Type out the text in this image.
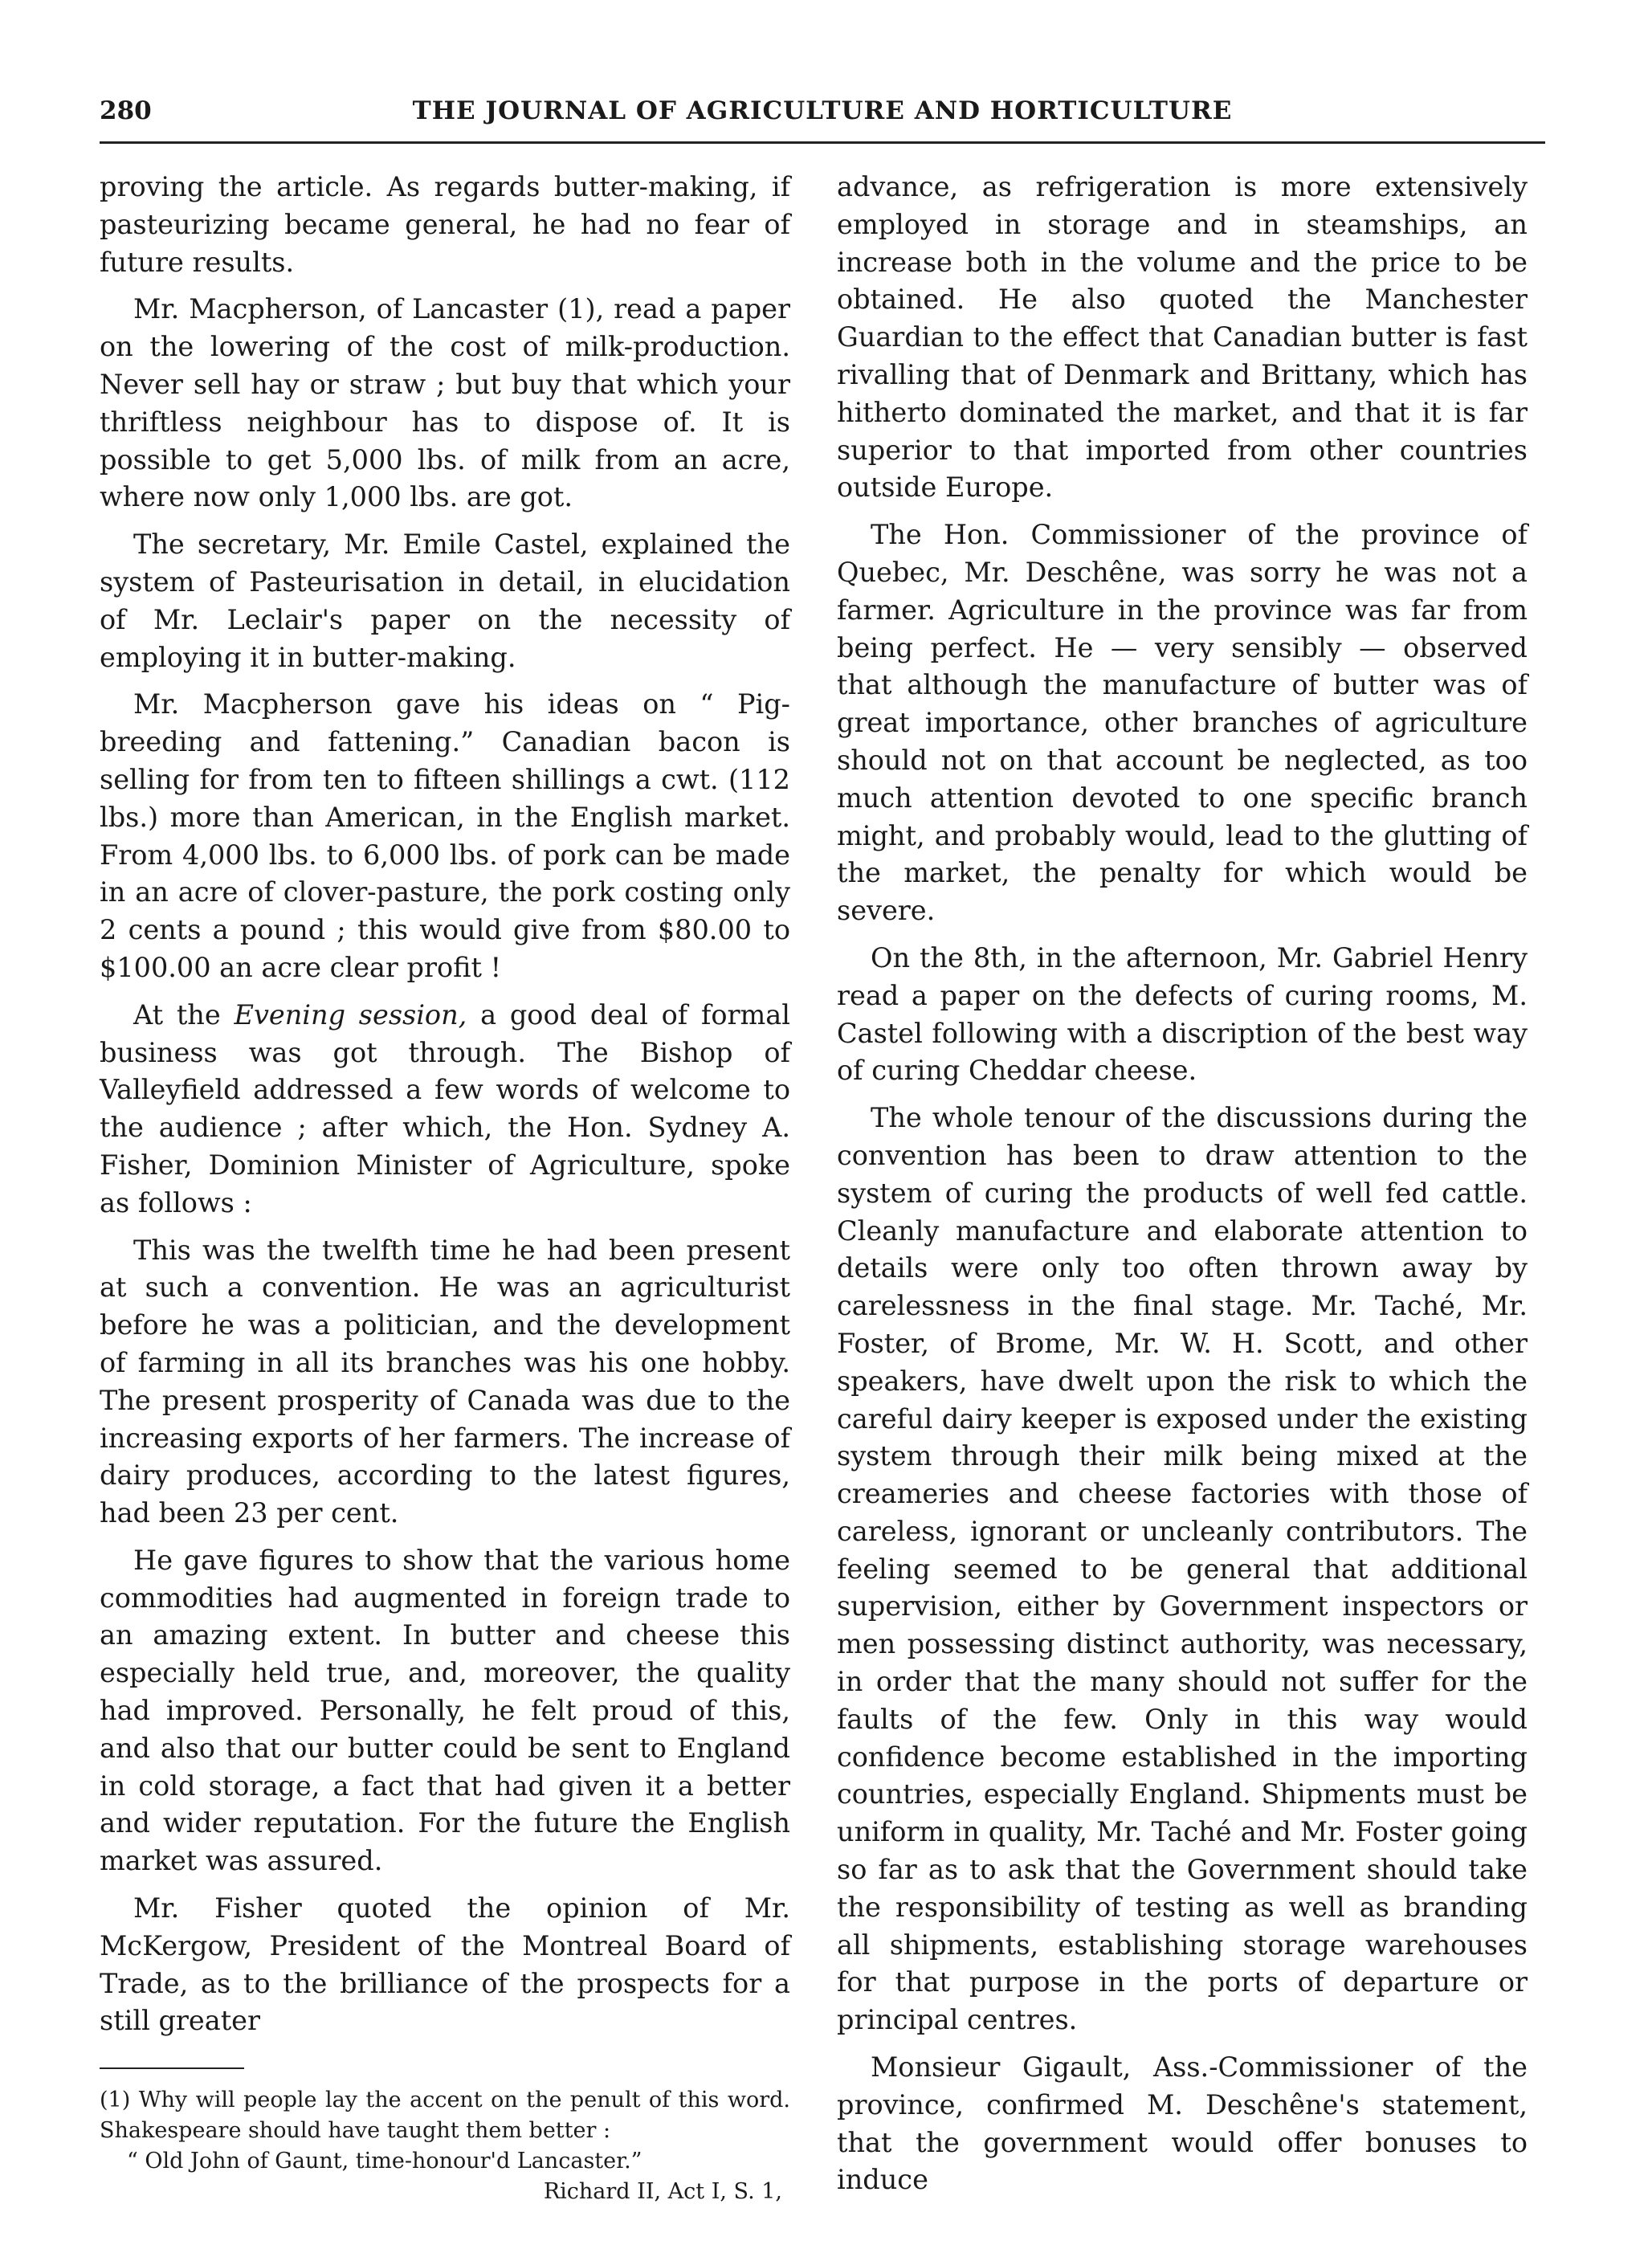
280	THE JOURNAL OF AGRICULTURE AND HORTICULTURE

proving the article. As regards butter-making, if pasteurizing became general, he had no fear of future results.

Mr. Macpherson, of Lancaster (1), read a paper on the lowering of the cost of milk-production. Never sell hay or straw ; but buy that which your thriftless neighbour has to dispose of. It is possible to get 5,000 lbs. of milk from an acre, where now only 1,000 lbs. are got.

The secretary, Mr. Emile Castel, explained the system of Pasteurisation in detail, in elucidation of Mr. Leclair's paper on the necessity of employing it in butter-making.

Mr. Macpherson gave his ideas on “ Pig-breeding and fattening.” Canadian bacon is selling for from ten to fifteen shillings a cwt. (112 lbs.) more than American, in the English market. From 4,000 lbs. to 6,000 lbs. of pork can be made in an acre of clover-pasture, the pork costing only 2 cents a pound ; this would give from $80.00 to $100.00 an acre clear profit !

At the Evening session, a good deal of formal business was got through. The Bishop of Valleyfield addressed a few words of welcome to the audience ; after which, the Hon. Sydney A. Fisher, Dominion Minister of Agriculture, spoke as follows :

This was the twelfth time he had been present at such a convention. He was an agriculturist before he was a politician, and the development of farming in all its branches was his one hobby. The present prosperity of Canada was due to the increasing exports of her farmers. The increase of dairy produces, according to the latest figures, had been 23 per cent.

He gave figures to show that the various home commodities had augmented in foreign trade to an amazing extent. In butter and cheese this especially held true, and, moreover, the quality had improved. Personally, he felt proud of this, and also that our butter could be sent to England in cold storage, a fact that had given it a better and wider reputation. For the future the English market was assured.

Mr. Fisher quoted the opinion of Mr. McKergow, President of the Montreal Board of Trade, as to the brilliance of the prospects for a still greater

(1) Why will people lay the accent on the penult of this word. Shakespeare should have taught them better :

“ Old John of Gaunt, time-honour'd Lancaster.”

Richard II, Act I, S. 1,

advance, as refrigeration is more extensively employed in storage and in steamships, an increase both in the volume and the price to be obtained. He also quoted the Manchester Guardian to the effect that Canadian butter is fast rivalling that of Denmark and Brittany, which has hitherto dominated the market, and that it is far superior to that imported from other countries outside Europe.

The Hon. Commissioner of the province of Quebec, Mr. Deschêne, was sorry he was not a farmer. Agriculture in the province was far from being perfect. He — very sensibly — observed that although the manufacture of butter was of great importance, other branches of agriculture should not on that account be neglected, as too much attention devoted to one specific branch might, and probably would, lead to the glutting of the market, the penalty for which would be severe.

On the 8th, in the afternoon, Mr. Gabriel Henry read a paper on the defects of curing rooms, M. Castel following with a discription of the best way of curing Cheddar cheese.

The whole tenour of the discussions during the convention has been to draw attention to the system of curing the products of well fed cattle. Cleanly manufacture and elaborate attention to details were only too often thrown away by carelessness in the final stage. Mr. Taché, Mr. Foster, of Brome, Mr. W. H. Scott, and other speakers, have dwelt upon the risk to which the careful dairy keeper is exposed under the existing system through their milk being mixed at the creameries and cheese factories with those of careless, ignorant or uncleanly contributors. The feeling seemed to be general that additional supervision, either by Government inspectors or men possessing distinct authority, was necessary, in order that the many should not suffer for the faults of the few. Only in this way would confidence become established in the importing countries, especially England. Shipments must be uniform in quality, Mr. Taché and Mr. Foster going so far as to ask that the Government should take the responsibility of testing as well as branding all shipments, establishing storage warehouses for that purpose in the ports of departure or principal centres.

Monsieur Gigault, Ass.-Commissioner of the province, confirmed M. Deschêne's statement, that the government would offer bonuses to induce
